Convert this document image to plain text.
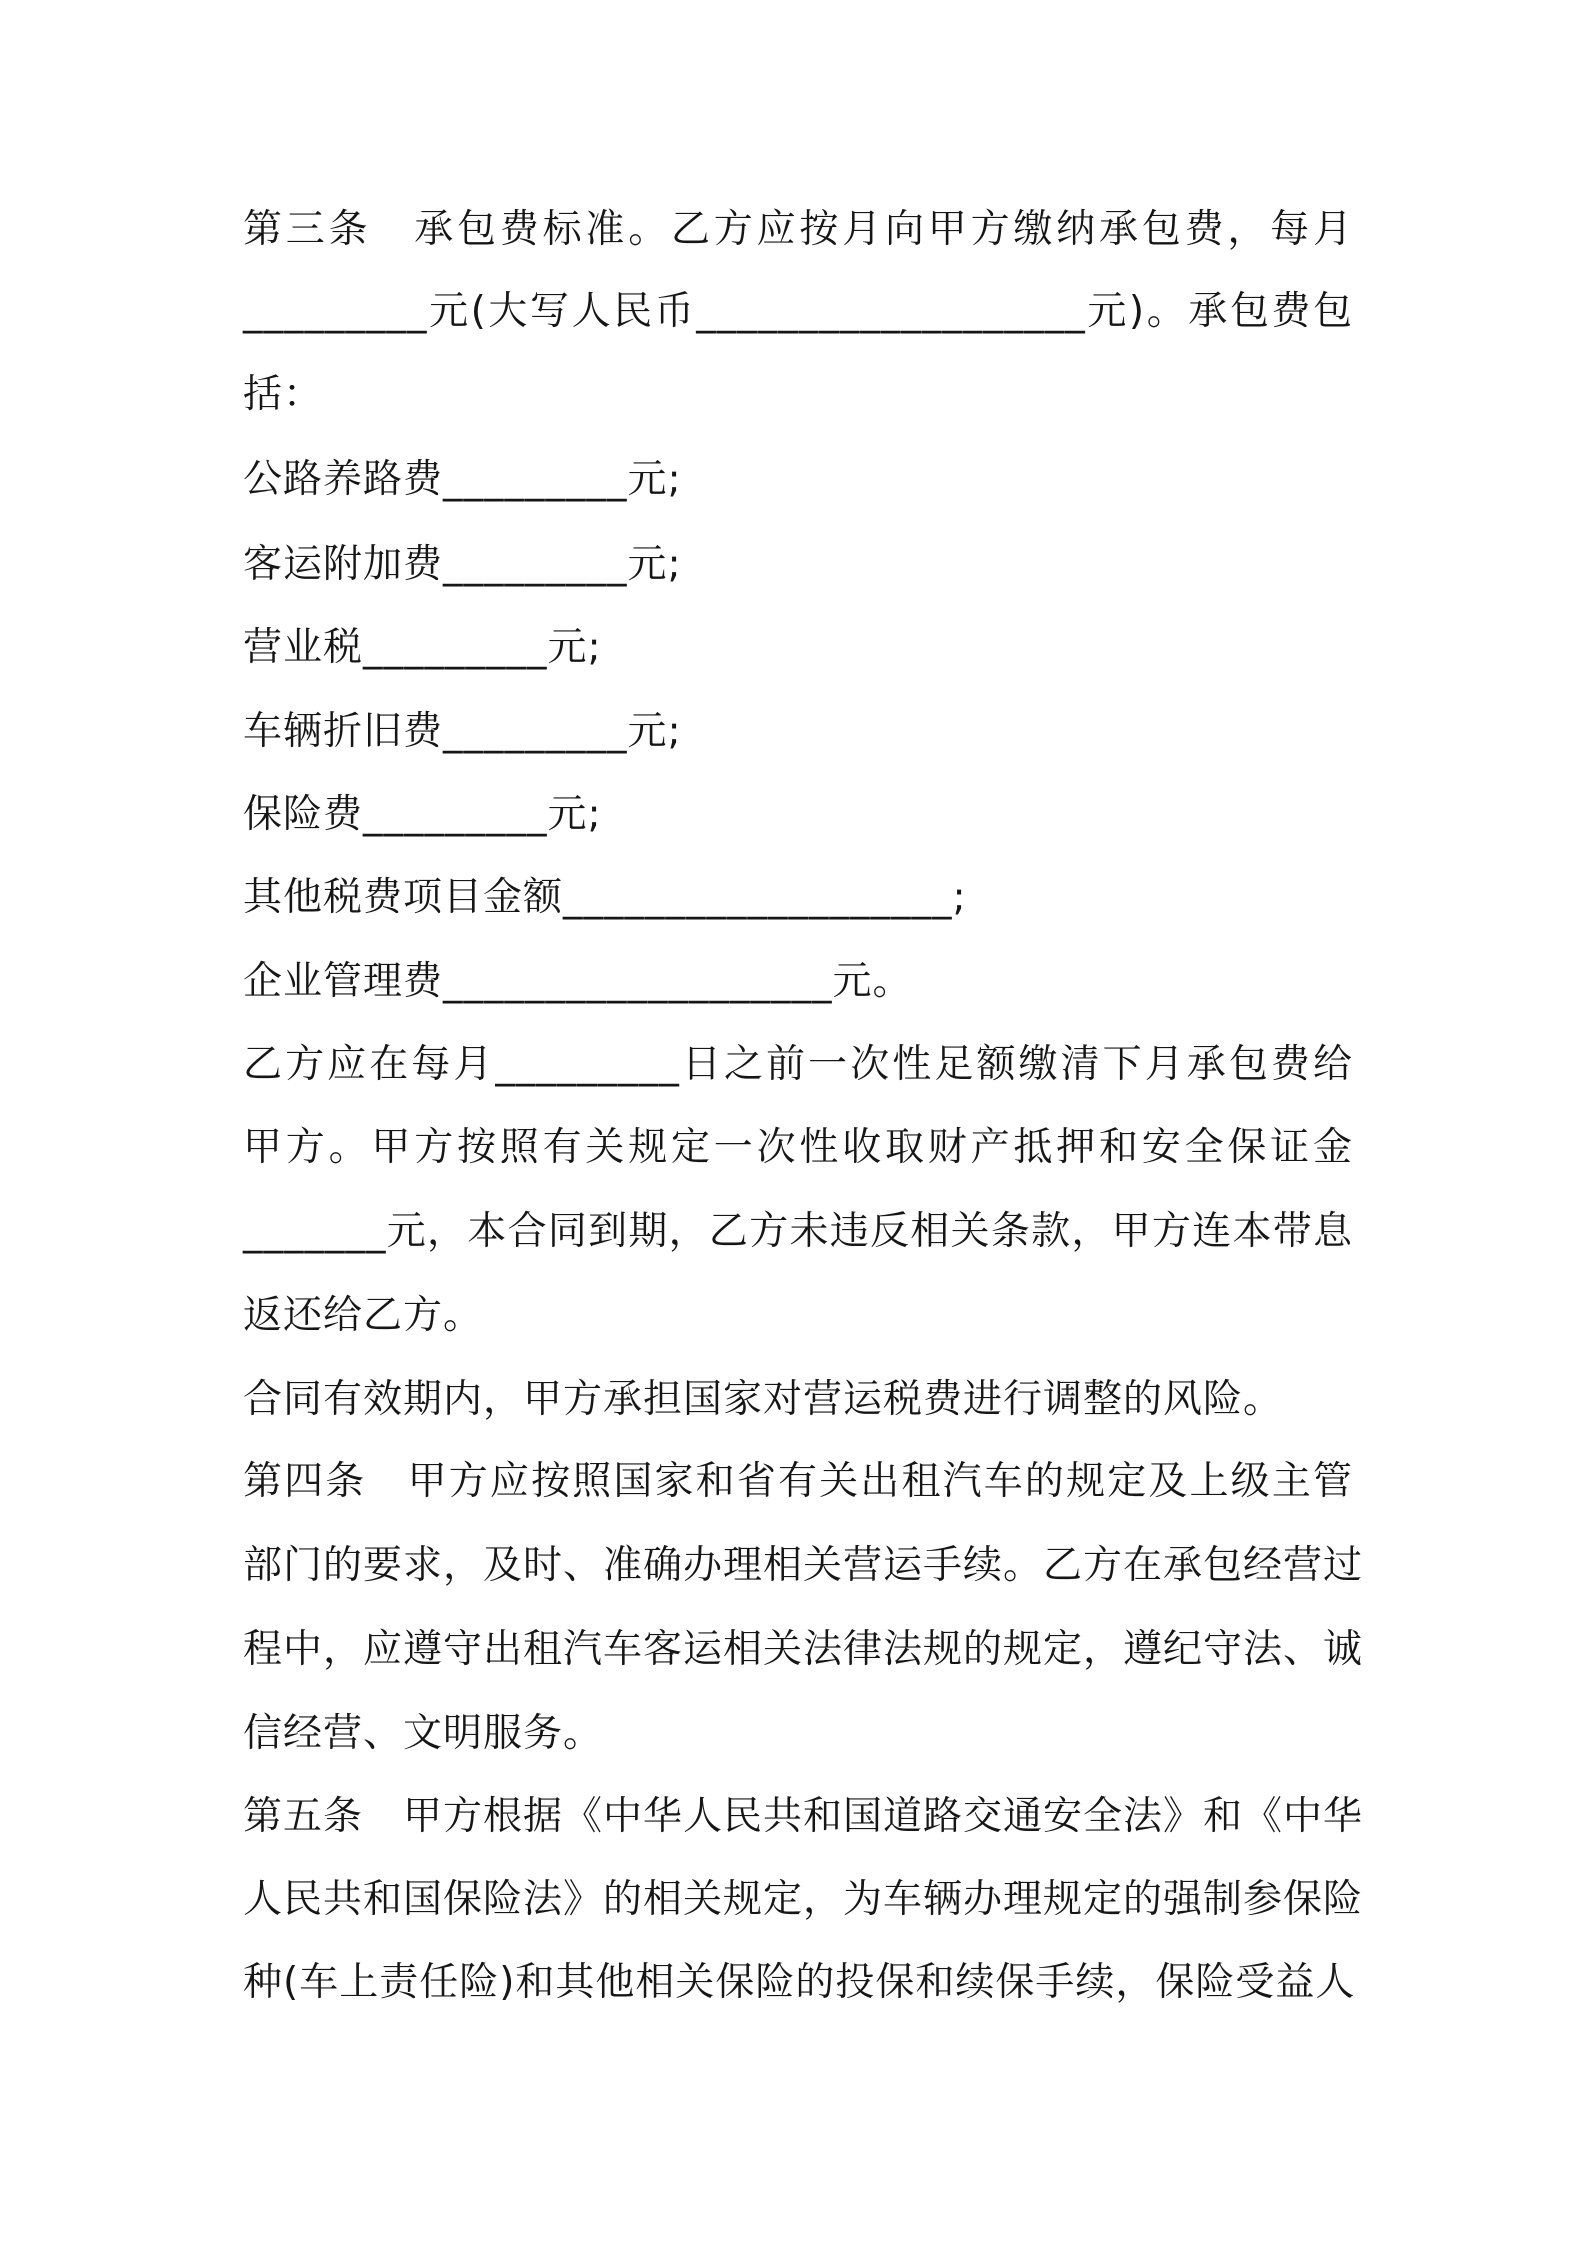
第三条　承包费标准。乙方应按月向甲方缴纳承包费，每月
_________元(大写人民币___________________元)。承包费包
括：
公路养路费_________元;
客运附加费_________元;
营业税_________元;
车辆折旧费_________元;
保险费_________元;
其他税费项目金额___________________;
企业管理费___________________元。
乙方应在每月_________日之前一次性足额缴清下月承包费给
甲方。甲方按照有关规定一次性收取财产抵押和安全保证金
_______元，本合同到期，乙方未违反相关条款，甲方连本带息
返还给乙方。
合同有效期内，甲方承担国家对营运税费进行调整的风险。
第四条　甲方应按照国家和省有关出租汽车的规定及上级主管
部门的要求，及时、准确办理相关营运手续。乙方在承包经营过
程中，应遵守出租汽车客运相关法律法规的规定，遵纪守法、诚
信经营、文明服务。
第五条　甲方根据《中华人民共和国道路交通安全法》和《中华
人民共和国保险法》的相关规定，为车辆办理规定的强制参保险
种(车上责任险)和其他相关保险的投保和续保手续，保险受益人
